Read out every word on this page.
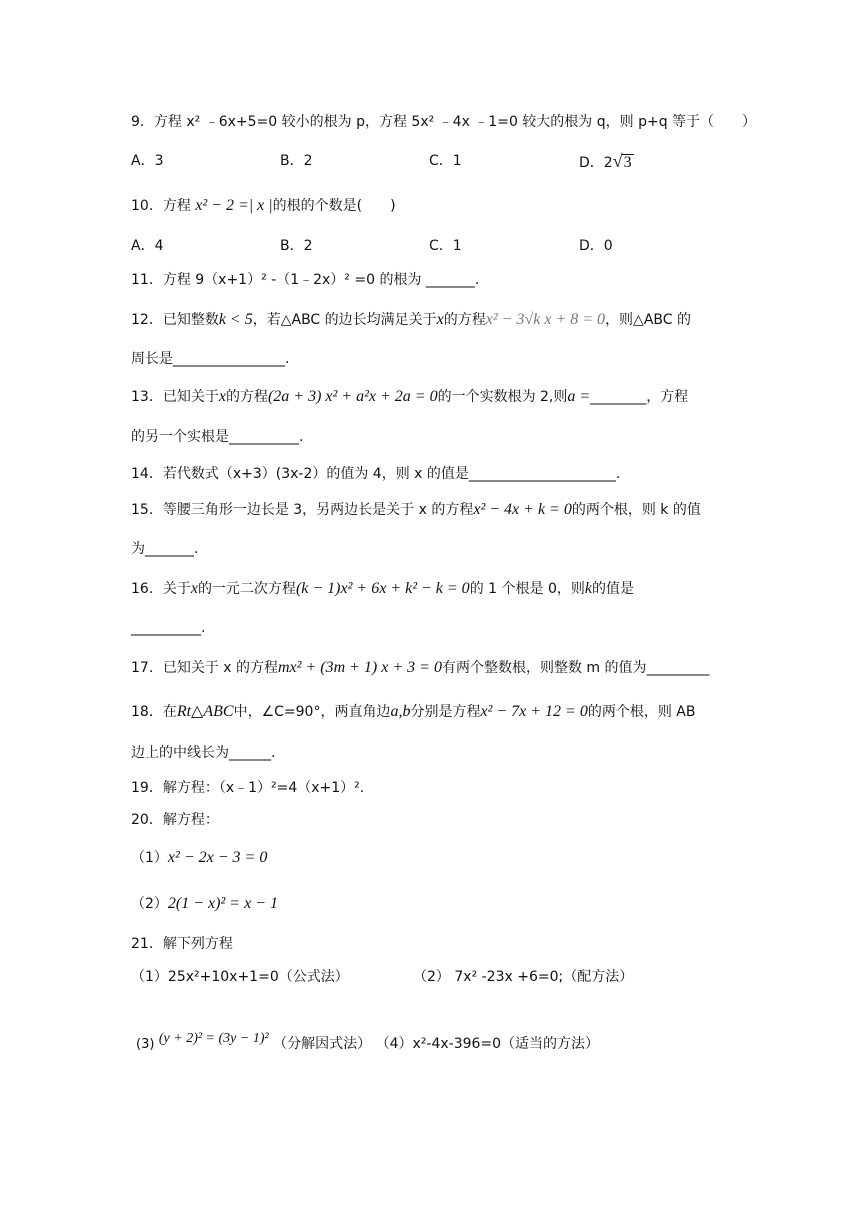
9．方程 x² ﹣6x+5=0 较小的根为 p，方程 5x² ﹣4x ﹣1=0 较大的根为 q，则 p+q 等于（　　）
A．3	B．2	C．1	D．2√3
10．方程 x² − 2 =| x |的根的个数是(　　)
A．4	B．2	C．1	D．0
11．方程 9（x+1）² -（1﹣2x）² =0 的根为 _______.
12．已知整数k < 5，若△ABC 的边长均满足关于x的方程x² − 3√k x + 8 = 0，则△ABC 的
周长是________________.
13．已知关于x的方程(2a + 3) x² + a²x + 2a = 0的一个实数根为 2,则a =________，方程
的另一个实根是__________.
14．若代数式（x+3）(3x-2）的值为 4，则 x 的值是_____________________.
15．等腰三角形一边长是 3，另两边长是关于 x 的方程x² − 4x + k = 0的两个根，则 k 的值
为_______.
16．关于x的一元二次方程(k − 1)x² + 6x + k² − k = 0的 1 个根是 0，则k的值是
__________.
17．已知关于 x 的方程mx² + (3m + 1) x + 3 = 0有两个整数根，则整数 m 的值为_________
18．在Rt△ABC中，∠C=90°，两直角边a,b分别是方程x² − 7x + 12 = 0的两个根，则 AB
边上的中线长为______.
19．解方程：（x﹣1）²=4（x+1）².
20．解方程：
（1）x² − 2x − 3 = 0
（2）2(1 − x)² = x − 1
21．解下列方程
（1）25x²+10x+1=0（公式法）	（2） 7x² -23x +6=0;（配方法）
(3) (y + 2)² = (3y − 1)² （分解因式法） （4）x²-4x-396=0（适当的方法）
